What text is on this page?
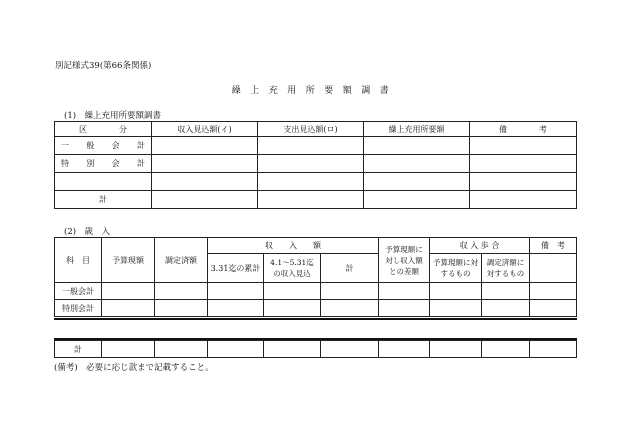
別記様式39(第66条関係)
繰上充用所要額調書
(1)　繰上充用所要額調書
区　　　　分	収入見込額(イ)	支出見込額(ロ)	繰上充用所要額	備　　　　考
一般会計				
特別会計				

計				
(2)　歳　入
科　目	予算現額	調定済額	収　　入　　額			予算現額に対し収入額との差額	収 入 歩 合		備　考
			3.31迄の累計	4.1〜5.31迄の収入見込	計		予算現額に対するもの	調定済額に対するもの	
一般会計									
特別会計									
計									
(備考)　必要に応じ款まで記載すること。
